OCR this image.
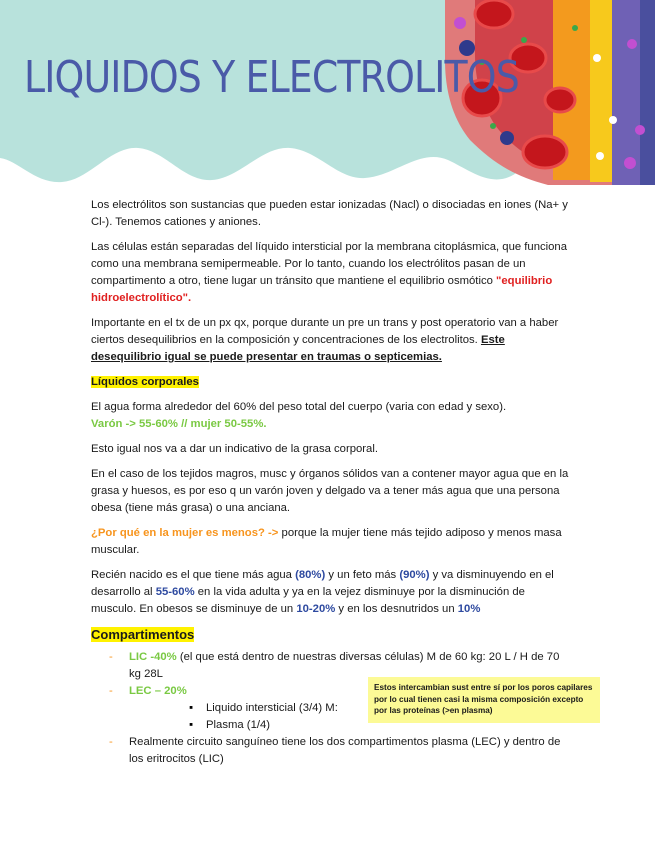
LIQUIDOS Y ELECTROLITOS

Los electrólitos son sustancias que pueden estar ionizadas (Nacl) o disociadas en iones (Na+ y Cl-). Tenemos cationes y aniones.

Las células están separadas del líquido intersticial por la membrana citoplásmica, que funciona como una membrana semipermeable. Por lo tanto, cuando los electrólitos pasan de un compartimento a otro, tiene lugar un tránsito que mantiene el equilibrio osmótico "equilibrio hidroelectrolítico".

Importante en el tx de un px qx, porque durante un pre un trans y post operatorio van a haber ciertos desequilibrios en la composición y concentraciones de los electrolitos. Este desequilibrio igual se puede presentar en traumas o septicemias.

Líquidos corporales

El agua forma alrededor del 60% del peso total del cuerpo (varia con edad y sexo).
Varón -> 55-60% // mujer 50-55%.

Esto igual nos va a dar un indicativo de la grasa corporal.

En el caso de los tejidos magros, musc y órganos sólidos van a contener mayor agua que en la grasa y huesos, es por eso q un varón joven y delgado va a tener más agua que una persona obesa (tiene más grasa) o una anciana.

¿Por qué en la mujer es menos? -> porque la mujer tiene más tejido adiposo y menos masa muscular.

Recién nacido es el que tiene más agua (80%) y un feto más (90%) y va disminuyendo en el desarrollo al 55-60% en la vida adulta y ya en la vejez disminuye por la disminución de musculo. En obesos se disminuye de un 10-20% y en los desnutridos un 10%

Compartimentos

- LIC -40% (el que está dentro de nuestras diversas células) M de 60 kg: 20 L / H de 70 kg 28L
- LEC – 20%
▪ Liquido intersticial (3/4) M:
▪ Plasma (1/4)
- Realmente circuito sanguíneo tiene los dos compartimentos plasma (LEC) y dentro de los eritrocitos (LIC)
Estos intercambian sust entre sí por los poros capilares por lo cual tienen casi la misma composición excepto por las proteínas (>en plasma)
